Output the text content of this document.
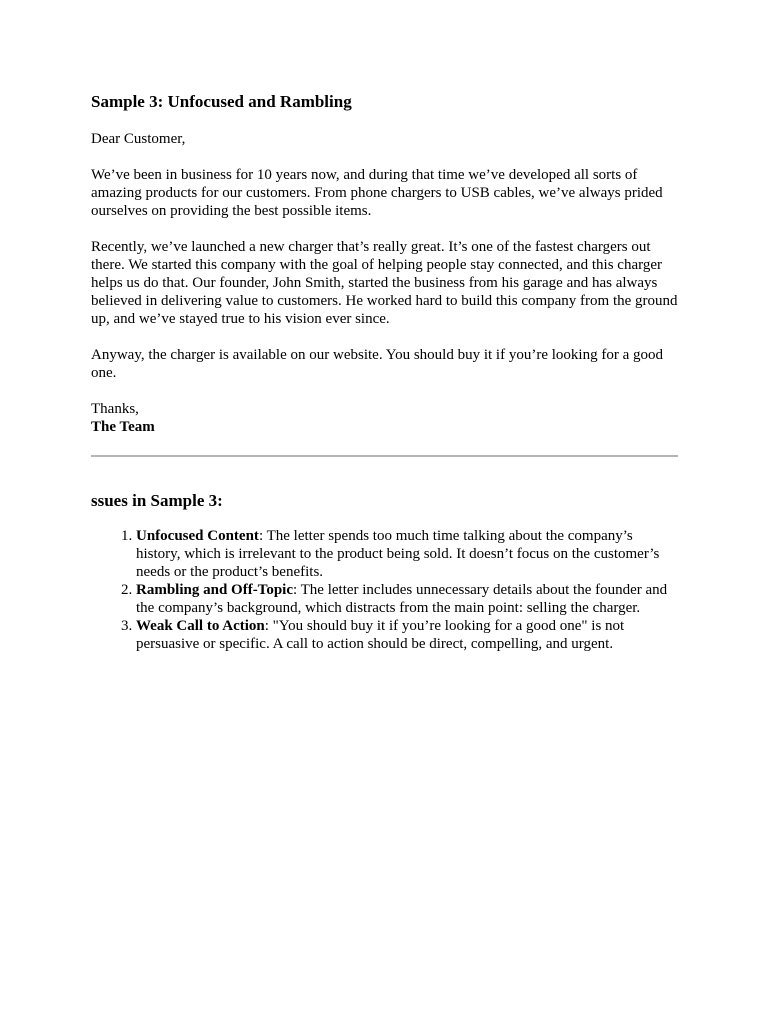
Sample 3: Unfocused and Rambling

Dear Customer,

We’ve been in business for 10 years now, and during that time we’ve developed all sorts of amazing products for our customers. From phone chargers to USB cables, we’ve always prided ourselves on providing the best possible items.

Recently, we’ve launched a new charger that’s really great. It’s one of the fastest chargers out there. We started this company with the goal of helping people stay connected, and this charger helps us do that. Our founder, John Smith, started the business from his garage and has always believed in delivering value to customers. He worked hard to build this company from the ground up, and we’ve stayed true to his vision ever since.

Anyway, the charger is available on our website. You should buy it if you’re looking for a good one.

Thanks,
The Team
ssues in Sample 3:
1. Unfocused Content: The letter spends too much time talking about the company’s history, which is irrelevant to the product being sold. It doesn’t focus on the customer’s needs or the product’s benefits.
2. Rambling and Off-Topic: The letter includes unnecessary details about the founder and the company’s background, which distracts from the main point: selling the charger.
3. Weak Call to Action: "You should buy it if you’re looking for a good one" is not persuasive or specific. A call to action should be direct, compelling, and urgent.
